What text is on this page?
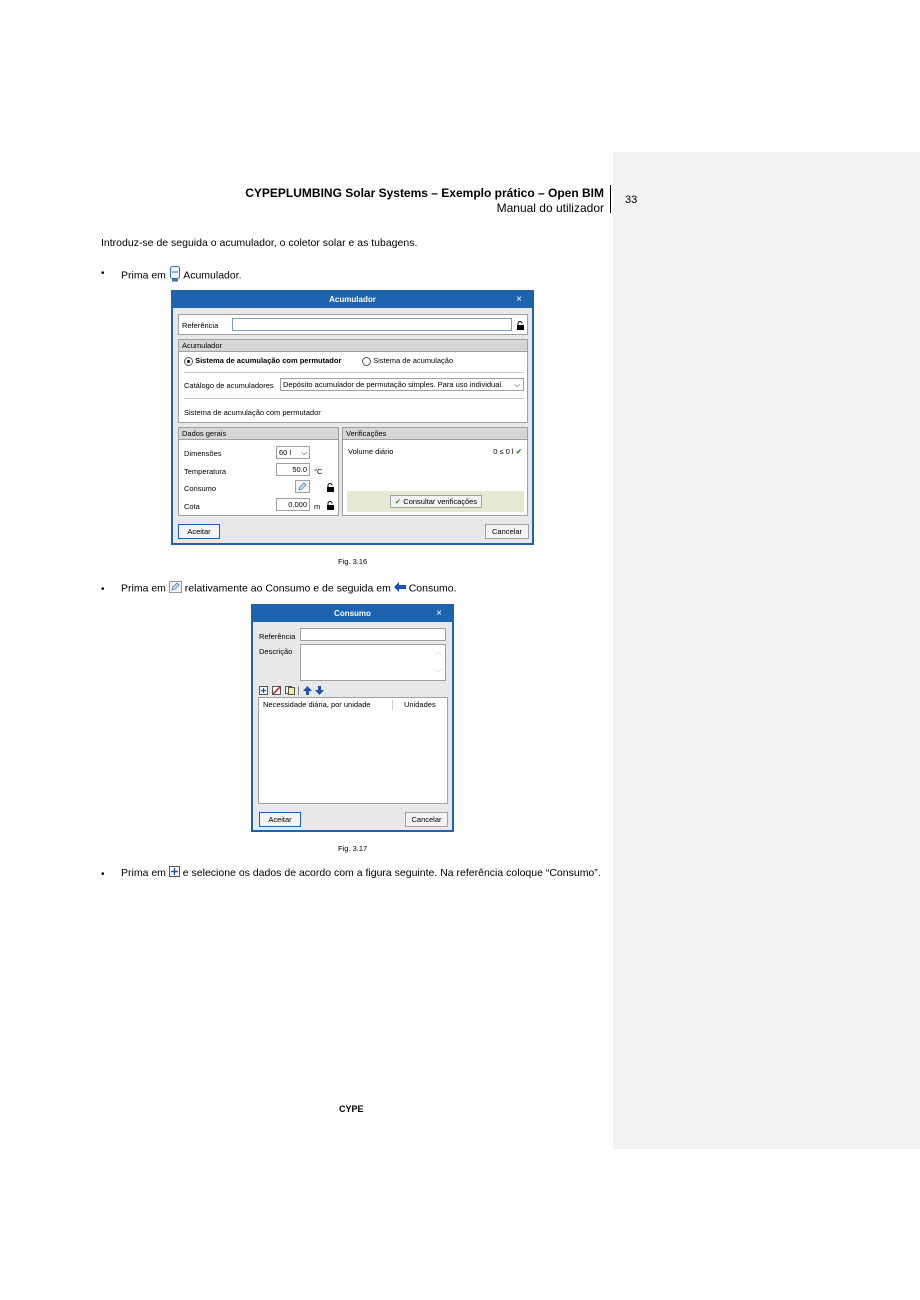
CYPEPLUMBING Solar Systems – Exemplo prático – Open BIM
Manual do utilizador
33
Introduz-se de seguida o acumulador, o coletor solar e as tubagens.
• Prima em Acumulador.
Acumulador	×
Referência
Acumulador
Sistema de acumulação com permutador	Sistema de acumulação
Catálogo de acumuladores	Depósito acumulador de permutação simples. Para uso individual. ⌵
Sistema de acumulação com permutador
Dados gerais
Dimensões	60 l ⌵
Temperatura	50.0 °C
Consumo
Cota	0.000 m
Verificações
Volume diário	0 ≤ 0 l ✔
✔ Consultar verificações
Aceitar	Cancelar
Fig. 3.16
• Prima em relativamente ao Consumo e de seguida em Consumo.
Consumo	×
Referência
Descrição	︿
﹀
Necessidade diária, por unidade	Unidades
Aceitar	Cancelar
Fig. 3.17
• Prima em e selecione os dados de acordo com a figura seguinte. Na referência coloque “Consumo”.
CYPE
